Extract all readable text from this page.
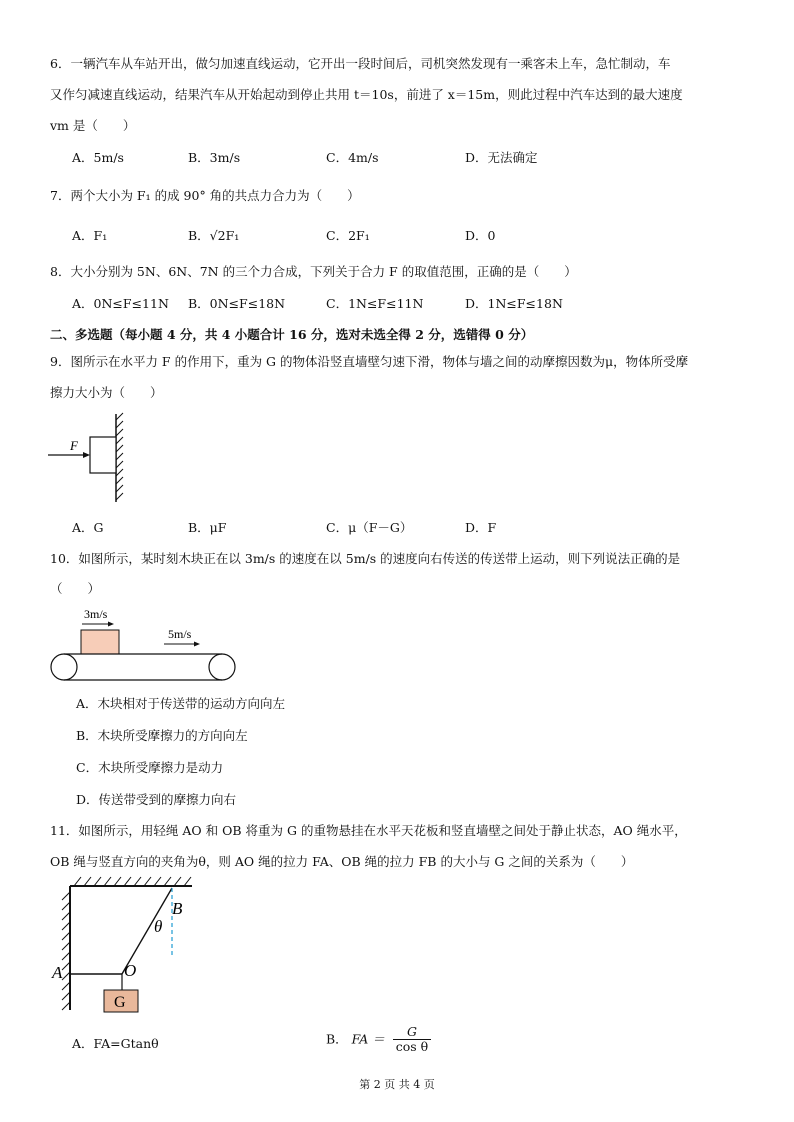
6．一辆汽车从车站开出，做匀加速直线运动，它开出一段时间后，司机突然发现有一乘客未上车，急忙制动，车
又作匀减速直线运动，结果汽车从开始起动到停止共用 t＝10s，前进了 x＝15m，则此过程中汽车达到的最大速度
vm 是（　　）
A．5m/s	B．3m/s	C．4m/s	D．无法确定
7．两个大小为 F₁ 的成 90° 角的共点力合力为（　　）
A．F₁	B．√2F₁	C．2F₁	D．0
8．大小分别为 5N、6N、7N 的三个力合成，下列关于合力 F 的取值范围，正确的是（　　）
A．0N≤F≤11N B．0N≤F≤18N	C．1N≤F≤11N	D．1N≤F≤18N
二、多选题（每小题 4 分，共 4 小题合计 16 分，选对未选全得 2 分，选错得 0 分）
9．图所示在水平力 F 的作用下，重为 G 的物体沿竖直墙壁匀速下滑，物体与墙之间的动摩擦因数为μ，物体所受摩
擦力大小为（　　）
F
A．G	B．μF	C．μ（F－G）	D．F
10．如图所示，某时刻木块正在以 3m/s 的速度在以 5m/s 的速度向右传送的传送带上运动，则下列说法正确的是
（　　）
3m/s
5m/s
A．木块相对于传送带的运动方向向左
B．木块所受摩擦力的方向向左
C．木块所受摩擦力是动力
D．传送带受到的摩擦力向右
11．如图所示，用轻绳 AO 和 OB 将重为 G 的重物悬挂在水平天花板和竖直墙壁之间处于静止状态，AO 绳水平，
OB 绳与竖直方向的夹角为θ，则 AO 绳的拉力 FA、OB 绳的拉力 FB 的大小与 G 之间的关系为（　　）
G
A	O
B
θ
A．FA=Gtanθ	B． FA ＝ $\frac{G}{\text{cos θ}}$
第 2 页 共 4 页
